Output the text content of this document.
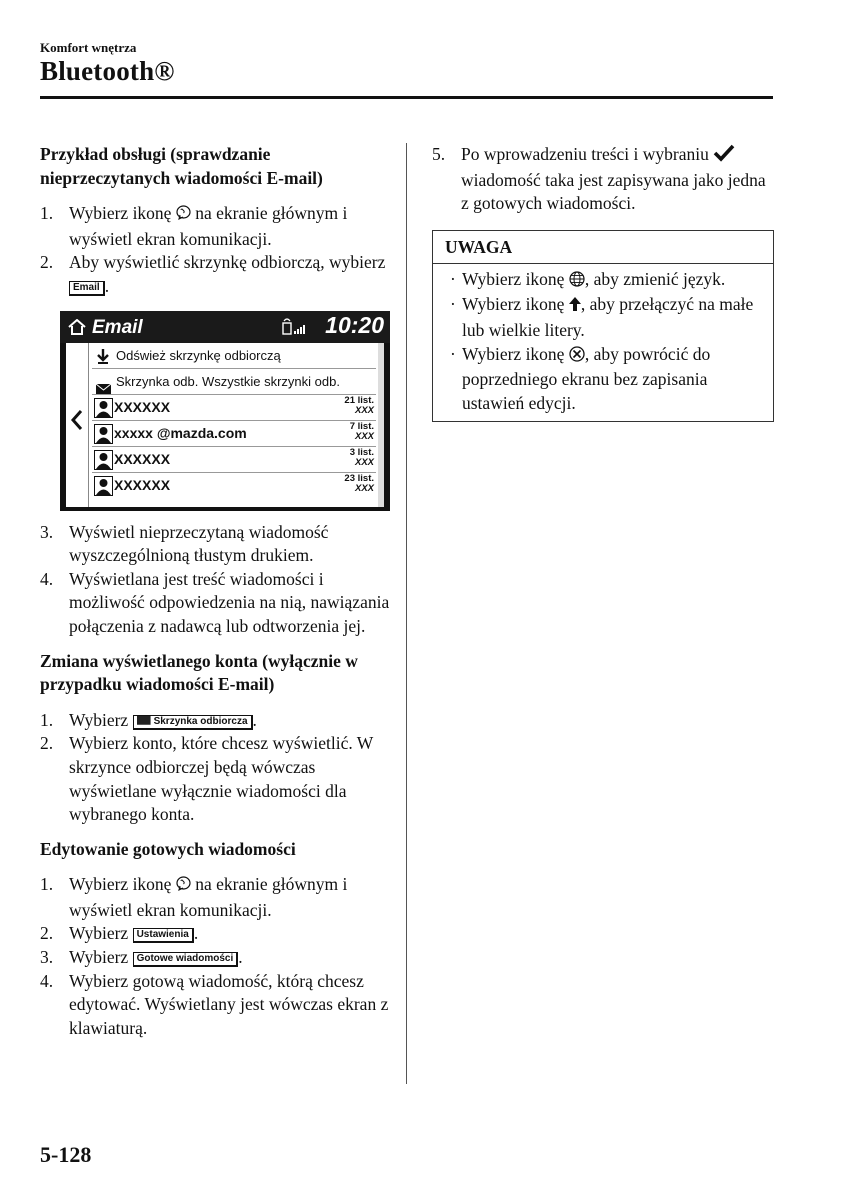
Komfort wnętrza
Bluetooth®
Przykład obsługi (sprawdzanie nieprzeczytanych wiadomości E-mail)
1. Wybierz ikonę na ekranie głównym i wyświetl ekran komunikacji.
2. Aby wyświetlić skrzynkę odbiorczą, wybierz Email .
Email	10:20
Odśwież skrzynkę odbiorczą
Skrzynka odb. Wszystkie skrzynki odb.
XXXXXX	21 list.
XXX
xxxxx @mazda.com	7 list.
XXX
XXXXXX	3 list.
XXX
XXXXXX	23 list.
XXX
3. Wyświetl nieprzeczytaną wiadomość wyszczególnioną tłustym drukiem.
4. Wyświetlana jest treść wiadomości i możliwość odpowiedzenia na nią, nawiązania połączenia z nadawcą lub odtworzenia jej.
Zmiana wyświetlanego konta (wyłącznie w przypadku wiadomości E-mail)
1. Wybierz	Skrzynka odbiorcza .
2. Wybierz konto, które chcesz wyświetlić. W skrzynce odbiorczej będą wówczas wyświetlane wyłącznie wiadomości dla wybranego konta.
Edytowanie gotowych wiadomości
1. Wybierz ikonę na ekranie głównym i wyświetl ekran komunikacji.
2. Wybierz Ustawienia .
3. Wybierz Gotowe wiadomości .
4. Wybierz gotową wiadomość, którą chcesz edytować. Wyświetlany jest wówczas ekran z klawiaturą.
5. Po wprowadzeniu treści i wybraniu  wiadomość taka jest zapisywana jako jedna z gotowych wiadomości.
UWAGA
· Wybierz ikonę , aby zmienić język.
· Wybierz ikonę , aby przełączyć na małe lub wielkie litery.
· Wybierz ikonę , aby powrócić do poprzedniego ekranu bez zapisania ustawień edycji.
5-128
